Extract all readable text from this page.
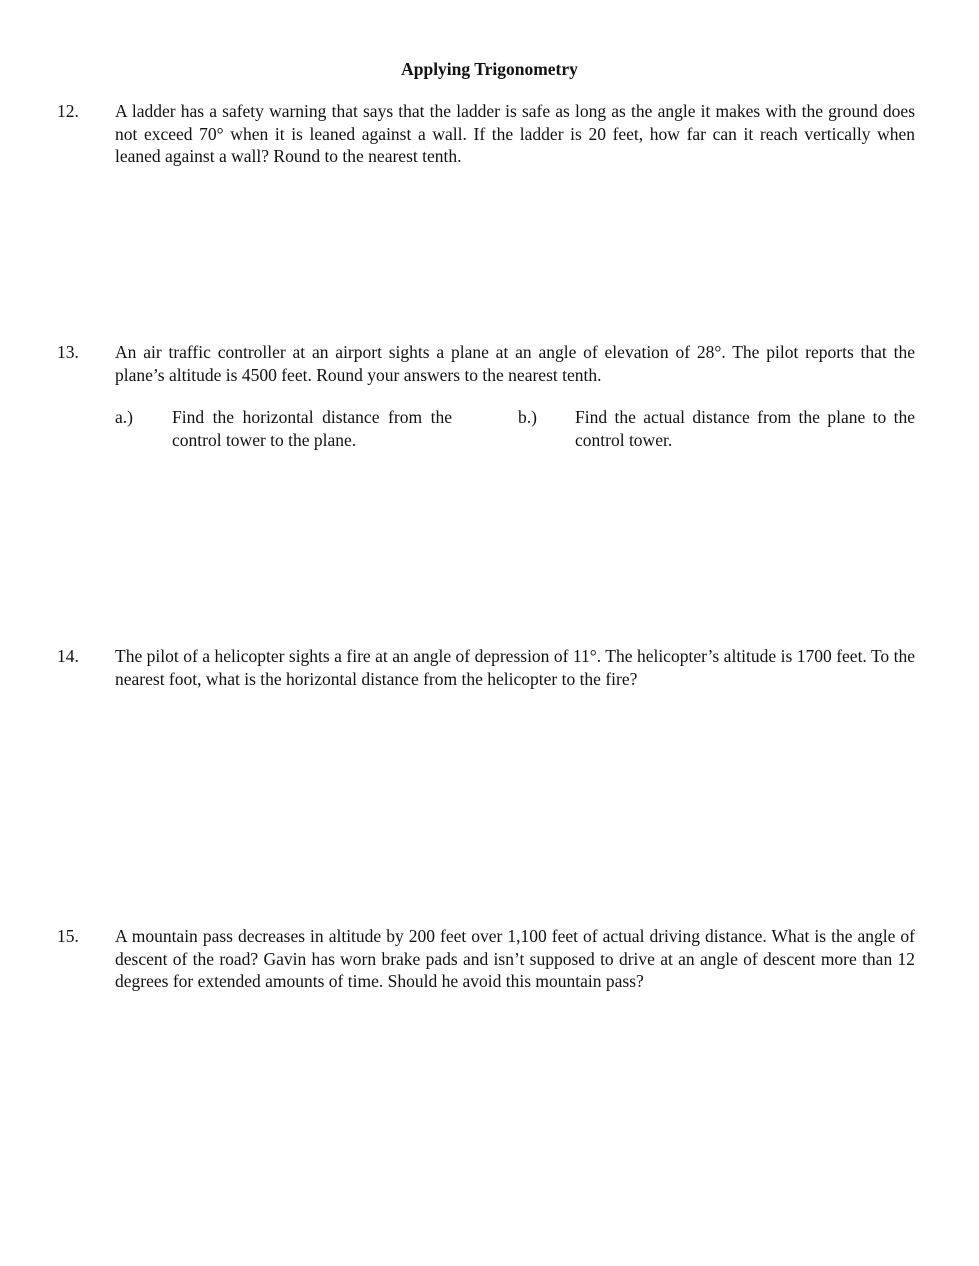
Applying Trigonometry
12. A ladder has a safety warning that says that the ladder is safe as long as the angle it makes with the ground does not exceed 70° when it is leaned against a wall. If the ladder is 20 feet, how far can it reach vertically when leaned against a wall? Round to the nearest tenth.
13. An air traffic controller at an airport sights a plane at an angle of elevation of 28°. The pilot reports that the plane’s altitude is 4500 feet. Round your answers to the nearest tenth.
a.) Find the horizontal distance from the control tower to the plane.
b.) Find the actual distance from the plane to the control tower.
14. The pilot of a helicopter sights a fire at an angle of depression of 11°. The helicopter’s altitude is 1700 feet. To the nearest foot, what is the horizontal distance from the helicopter to the fire?
15. A mountain pass decreases in altitude by 200 feet over 1,100 feet of actual driving distance. What is the angle of descent of the road? Gavin has worn brake pads and isn’t supposed to drive at an angle of descent more than 12 degrees for extended amounts of time. Should he avoid this mountain pass?
